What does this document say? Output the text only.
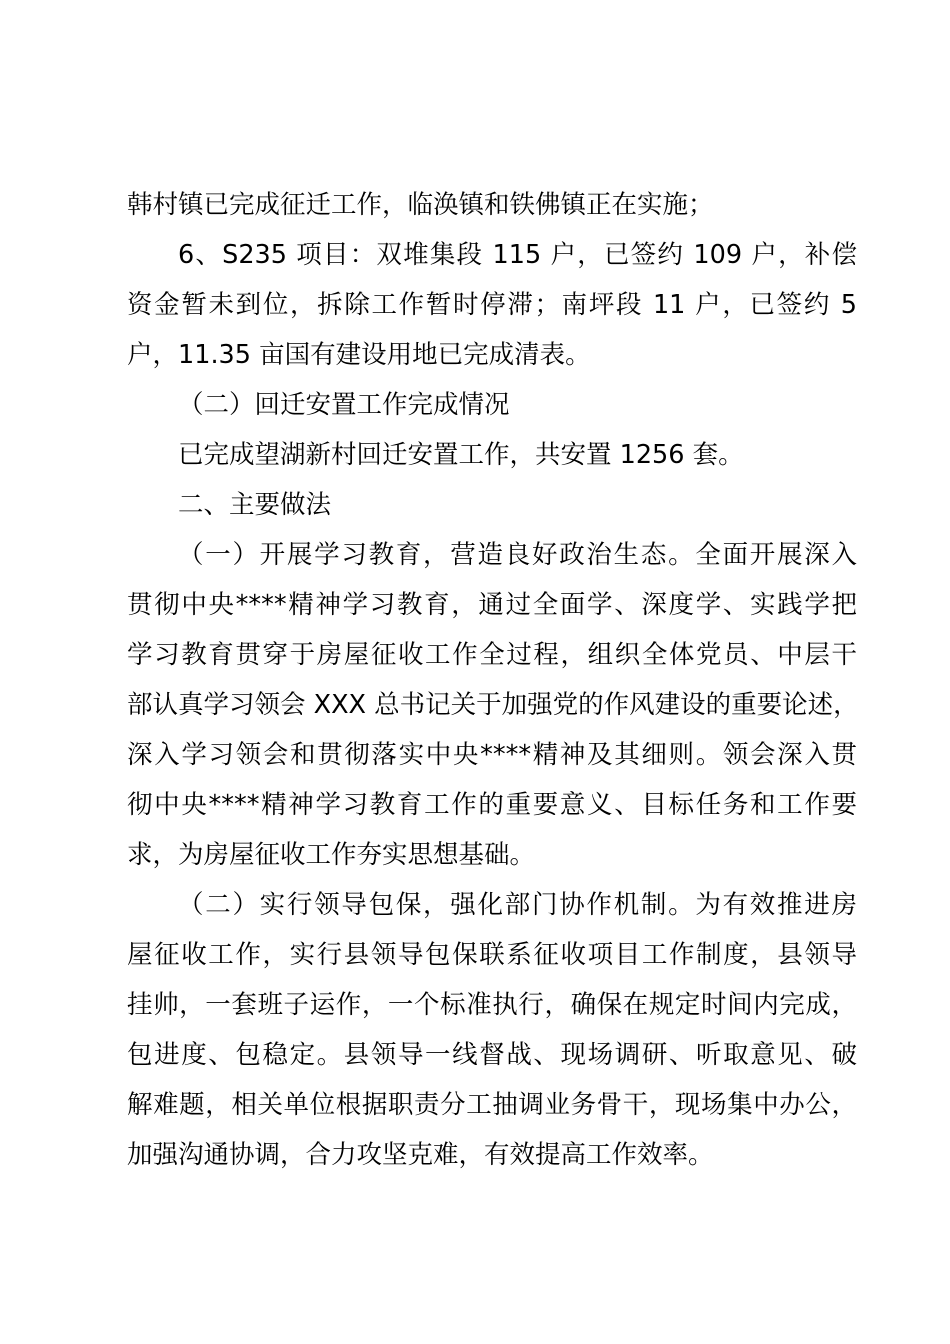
韩村镇已完成征迁工作，临涣镇和铁佛镇正在实施；
6、S235 项目：双堆集段 115 户，已签约 109 户，补偿
资金暂未到位，拆除工作暂时停滞；南坪段 11 户，已签约 5
户，11.35 亩国有建设用地已完成清表。
（二）回迁安置工作完成情况
已完成望湖新村回迁安置工作，共安置 1256 套。
二、主要做法
（一）开展学习教育，营造良好政治生态。全面开展深入
贯彻中央****精神学习教育，通过全面学、深度学、实践学把
学习教育贯穿于房屋征收工作全过程，组织全体党员、中层干
部认真学习领会 XXX 总书记关于加强党的作风建设的重要论述，
深入学习领会和贯彻落实中央****精神及其细则。领会深入贯
彻中央****精神学习教育工作的重要意义、目标任务和工作要
求，为房屋征收工作夯实思想基础。
（二）实行领导包保，强化部门协作机制。为有效推进房
屋征收工作，实行县领导包保联系征收项目工作制度，县领导
挂帅，一套班子运作，一个标准执行，确保在规定时间内完成，
包进度、包稳定。县领导一线督战、现场调研、听取意见、破
解难题，相关单位根据职责分工抽调业务骨干，现场集中办公，
加强沟通协调，合力攻坚克难，有效提高工作效率。
